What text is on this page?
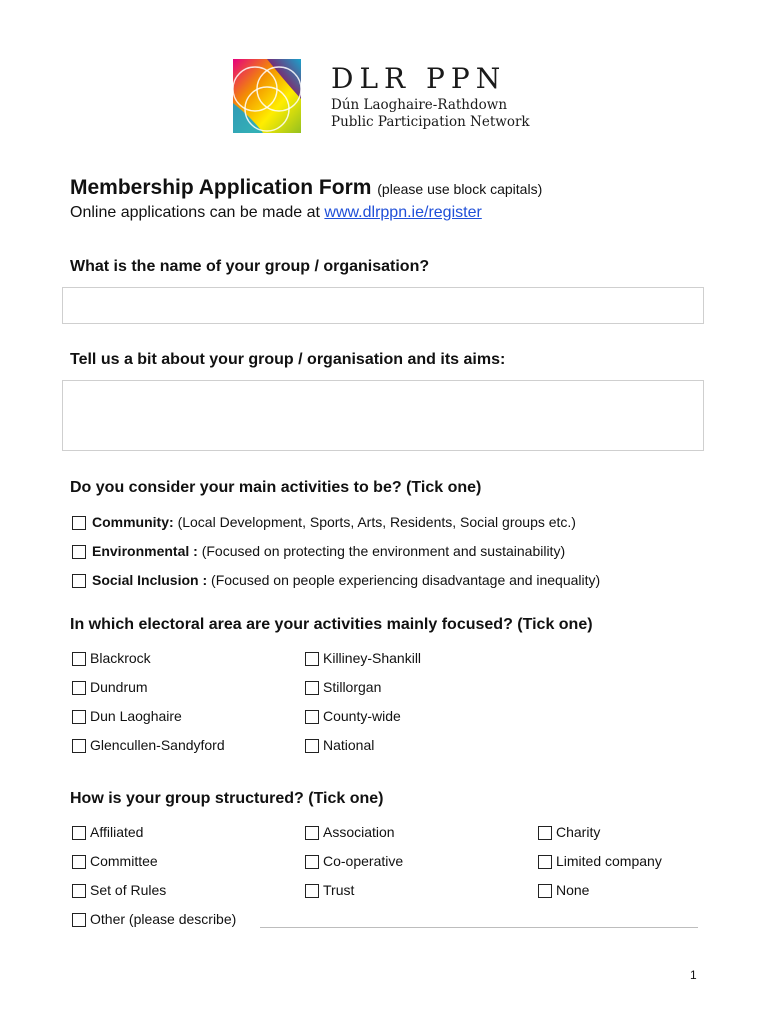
DLR PPN
Dún Laoghaire-Rathdown
Public Participation Network
Membership Application Form (please use block capitals)
Online applications can be made at www.dlrppn.ie/register
What is the name of your group / organisation?
Tell us a bit about your group / organisation and its aims:
Do you consider your main activities to be? (Tick one)
Community:
(Local Development, Sports, Arts, Residents, Social groups etc.)
Environmental :
(Focused on protecting the environment and sustainability)
Social Inclusion :
(Focused on people experiencing disadvantage and inequality)
In which electoral area are your activities mainly focused? (Tick one)
Blackrock	Killiney-Shankill
Dundrum	Stillorgan
Dun Laoghaire	County-wide
Glencullen-Sandyford	National
How is your group structured? (Tick one)
Affiliated	Association	Charity
Committee	Co-operative	Limited company
Set of Rules	Trust	None
Other (please describe)
1
